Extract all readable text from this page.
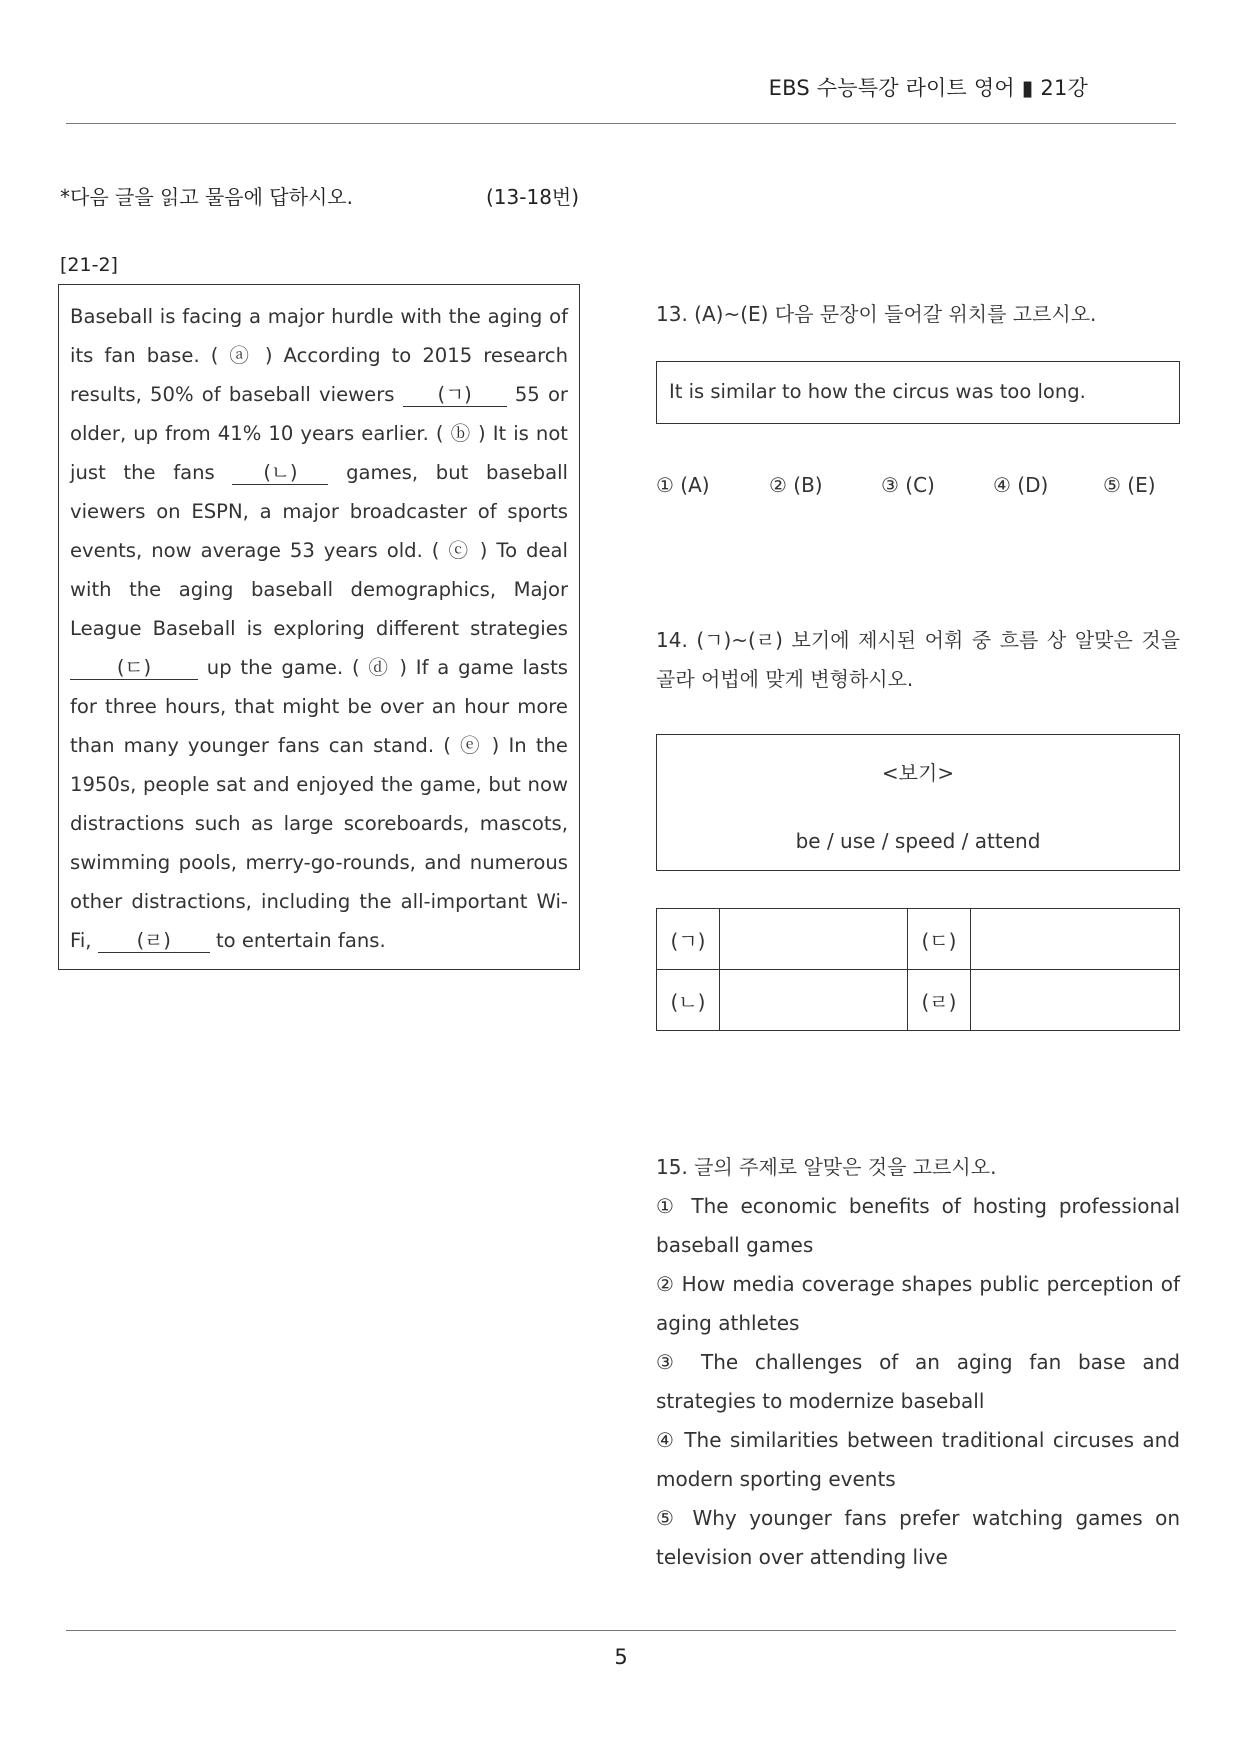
EBS 수능특강 라이트 영어 ▮ 21강
*다음 글을 읽고 물음에 답하시오.	(13-18번)
[21-2]
Baseball is facing a major hurdle with the aging of its fan base. ( ⓐ ) According to 2015 research results, 50% of baseball viewers (ㄱ) 55 or older, up from 41% 10 years earlier. ( ⓑ ) It is not just the fans (ㄴ) games, but baseball viewers on ESPN, a major broadcaster of sports events, now average 53 years old. ( ⓒ ) To deal with the aging baseball demographics, Major League Baseball is exploring different strategies (ㄷ) up the game. ( ⓓ ) If a game lasts for three hours, that might be over an hour more than many younger fans can stand. ( ⓔ ) In the 1950s, people sat and enjoyed the game, but now distractions such as large scoreboards, mascots, swimming pools, merry-go-rounds, and numerous other distractions, including the all-important Wi-Fi, (ㄹ) to entertain fans.
13. (A)~(E) 다음 문장이 들어갈 위치를 고르시오.
It is similar to how the circus was too long.
① (A)	② (B)	③ (C)	④ (D)	⑤ (E)
14. (ㄱ)~(ㄹ) 보기에 제시된 어휘 중 흐름 상 알맞은 것을 골라 어법에 맞게 변형하시오.
<보기>
be / use / speed / attend
(ㄱ)		(ㄷ)	
(ㄴ)		(ㄹ)	
15. 글의 주제로 알맞은 것을 고르시오.
① The economic benefits of hosting professional baseball games
② How media coverage shapes public perception of aging athletes
③ The challenges of an aging fan base and strategies to modernize baseball
④ The similarities between traditional circuses and modern sporting events
⑤ Why younger fans prefer watching games on television over attending live
5
